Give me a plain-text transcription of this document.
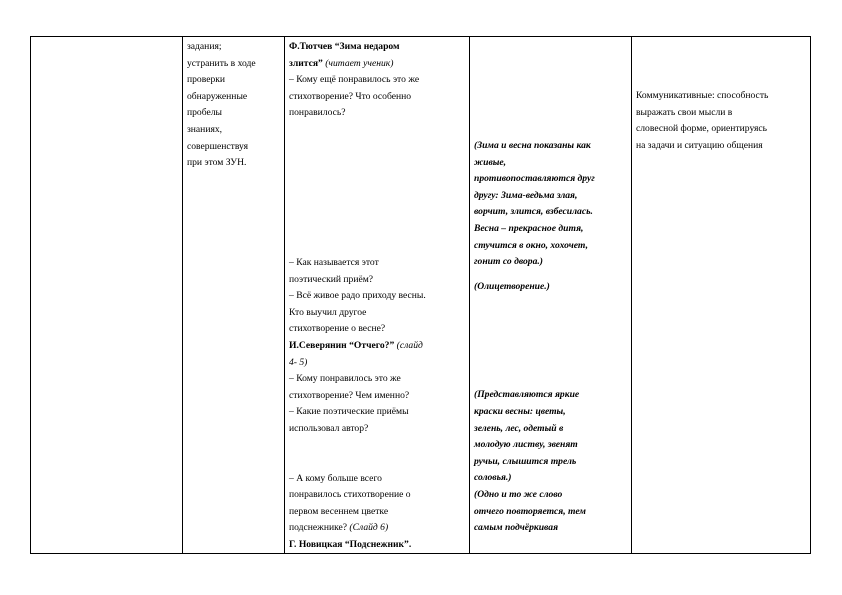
задания;
устранить в ходе
проверки
обнаруженные
пробелы
знаниях,
совершенствуя
при этом ЗУН.
Ф.Тютчев “Зима недаром
злится” (читает ученик)
– Кому ещё понравилось это же
стихотворение? Что особенно
понравилось?
– Как называется этот
поэтический приём?
– Всё живое радо приходу весны.
Кто выучил другое
стихотворение о весне?
И.Северянин “Отчего?” (слайд
4- 5)
– Кому понравилось это же
стихотворение? Чем именно?
– Какие поэтические приёмы
использовал автор?
– А кому больше всего
понравилось стихотворение о
первом весеннем цветке
подснежнике? (Слайд 6)
Г. Новицкая “Подснежник”.
(Зима и весна показаны как
живые,
противопоставляются друг
другу: Зима-ведьма злая,
ворчит, злится, взбесилась.
Весна – прекрасное дитя,
стучится в окно, хохочет,
гонит со двора.)
(Олицетворение.)
(Представляются яркие
краски весны: цветы,
зелень, лес, одетый в
молодую листву, звенят
ручьи, слышится трель
соловья.)
(Одно и то же слово
отчего повторяется, тем
самым подчёркивая
Коммуникативные: способность
выражать свои мысли в
словесной форме, ориентируясь
на задачи и ситуацию общения
